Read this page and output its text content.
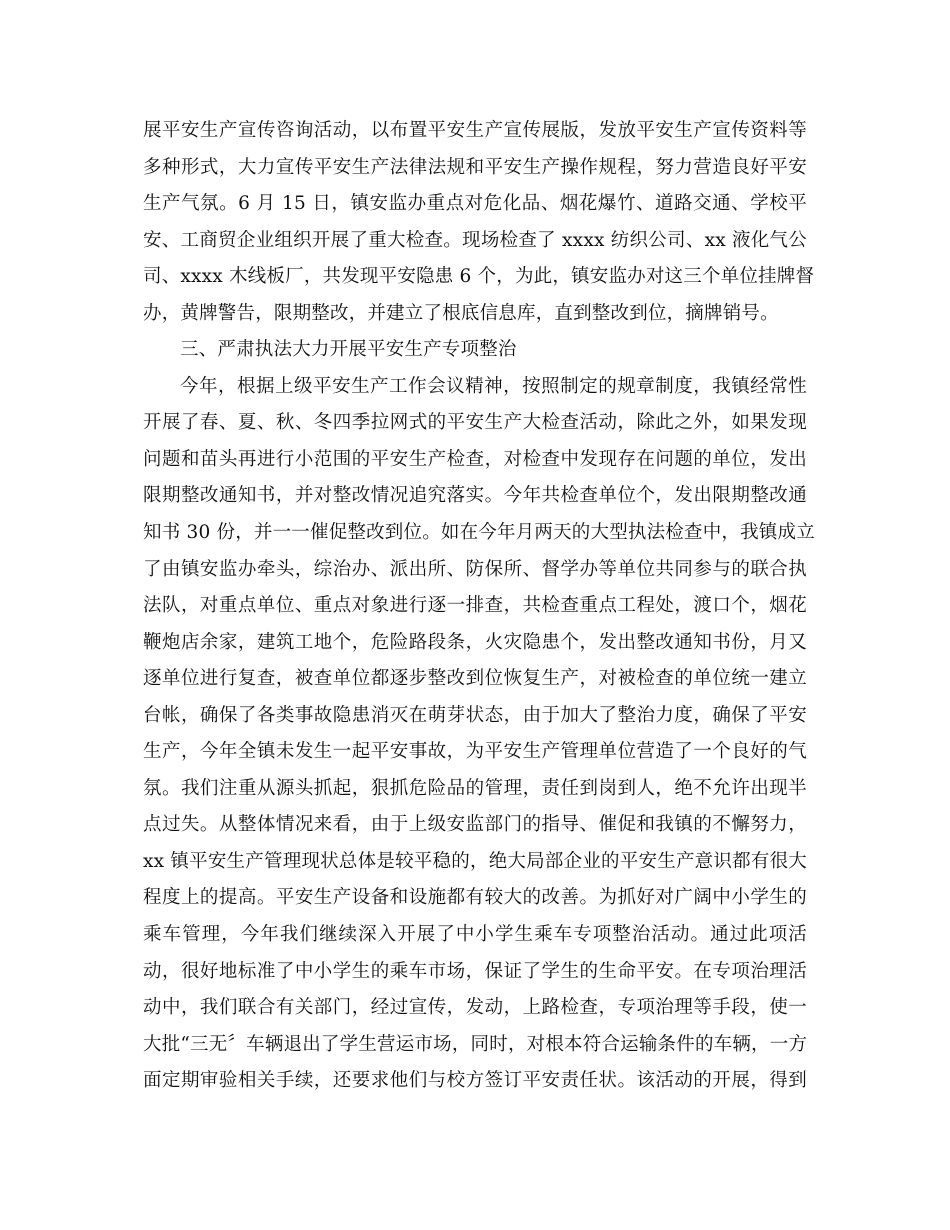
展平安生产宣传咨询活动，以布置平安生产宣传展版，发放平安生产宣传资料等
多种形式，大力宣传平安生产法律法规和平安生产操作规程，努力营造良好平安
生产气氛。6 月 15 日，镇安监办重点对危化品、烟花爆竹、道路交通、学校平
安、工商贸企业组织开展了重大检查。现场检查了 xxxx 纺织公司、xx 液化气公
司、xxxx 木线板厂，共发现平安隐患 6 个，为此，镇安监办对这三个单位挂牌督
办，黄牌警告，限期整改，并建立了根底信息库，直到整改到位，摘牌销号。
三、严肃执法大力开展平安生产专项整治
今年，根据上级平安生产工作会议精神，按照制定的规章制度，我镇经常性
开展了春、夏、秋、冬四季拉网式的平安生产大检查活动，除此之外，如果发现
问题和苗头再进行小范围的平安生产检查，对检查中发现存在问题的单位，发出
限期整改通知书，并对整改情况追究落实。今年共检查单位个，发出限期整改通
知书 30 份，并一一催促整改到位。如在今年月两天的大型执法检查中，我镇成立
了由镇安监办牵头，综治办、派出所、防保所、督学办等单位共同参与的联合执
法队，对重点单位、重点对象进行逐一排查，共检查重点工程处，渡口个，烟花
鞭炮店余家，建筑工地个，危险路段条，火灾隐患个，发出整改通知书份，月又
逐单位进行复查，被查单位都逐步整改到位恢复生产，对被检查的单位统一建立
台帐，确保了各类事故隐患消灭在萌芽状态，由于加大了整治力度，确保了平安
生产，今年全镇未发生一起平安事故，为平安生产管理单位营造了一个良好的气
氛。我们注重从源头抓起，狠抓危险品的管理，责任到岗到人，绝不允许出现半
点过失。从整体情况来看，由于上级安监部门的指导、催促和我镇的不懈努力，
xx 镇平安生产管理现状总体是较平稳的，绝大局部企业的平安生产意识都有很大
程度上的提高。平安生产设备和设施都有较大的改善。为抓好对广阔中小学生的
乘车管理，今年我们继续深入开展了中小学生乘车专项整治活动。通过此项活
动，很好地标准了中小学生的乘车市场，保证了学生的生命平安。在专项治理活
动中，我们联合有关部门，经过宣传，发动，上路检查，专项治理等手段，使一
大批“三无〞车辆退出了学生营运市场，同时，对根本符合运输条件的车辆，一方
面定期审验相关手续，还要求他们与校方签订平安责任状。该活动的开展，得到
